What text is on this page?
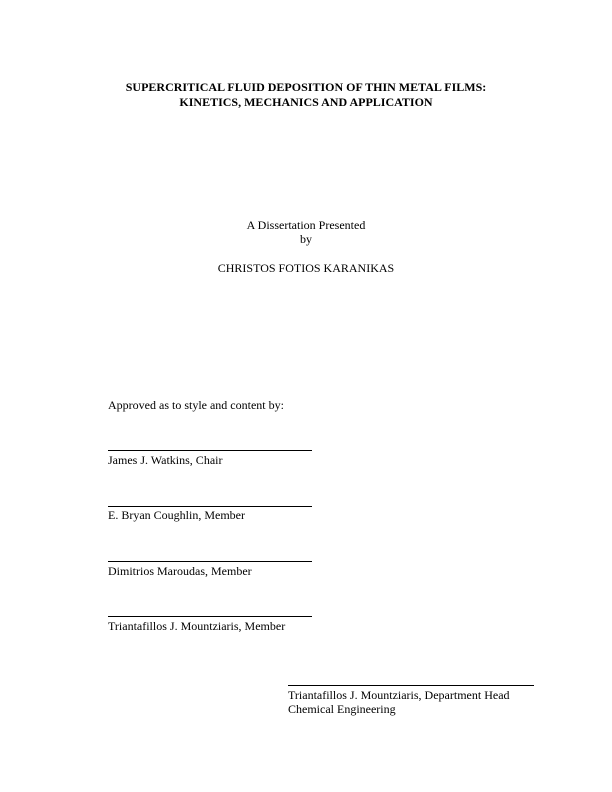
SUPERCRITICAL FLUID DEPOSITION OF THIN METAL FILMS:
KINETICS, MECHANICS AND APPLICATION
A Dissertation Presented
by
CHRISTOS FOTIOS KARANIKAS
Approved as to style and content by:
James J. Watkins, Chair
E. Bryan Coughlin, Member
Dimitrios Maroudas, Member
Triantafillos J. Mountziaris, Member
Triantafillos J. Mountziaris, Department Head
Chemical Engineering
